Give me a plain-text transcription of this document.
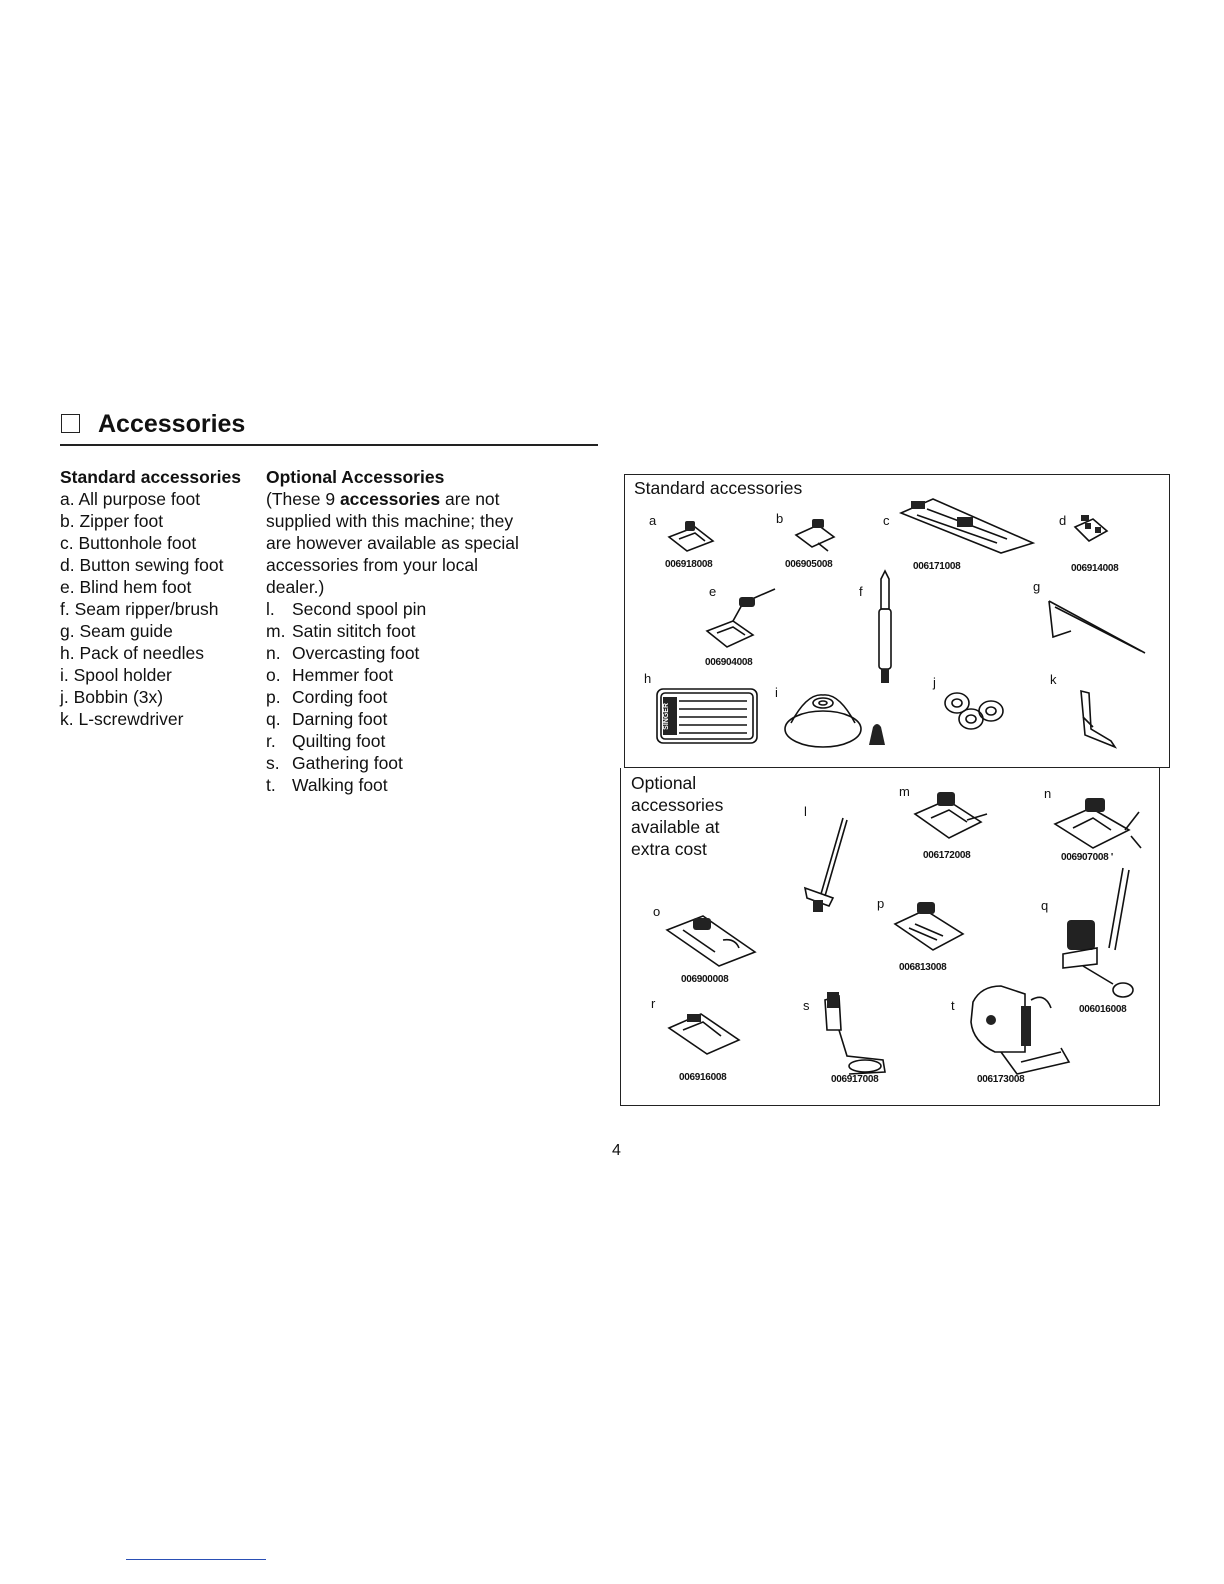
Accessories
Standard accessories
a. All purpose foot
b. Zipper foot
c. Buttonhole foot
d. Button sewing foot
e. Blind hem foot
f. Seam ripper/brush
g. Seam guide
h. Pack of needles
i. Spool holder
j. Bobbin (3x)
k. L-screwdriver
Optional Accessories
(These 9 accessories are not
supplied with this machine; they
are however available as special
accessories from your local
dealer.)
l. Second spool pin
m. Satin sititch foot
n. Overcasting foot
o. Hemmer foot
p. Cording foot
q. Darning foot
r. Quilting foot
s. Gathering foot
t. Walking foot
Standard accessories
a	b	c	d
e	f	g
h
i
j	k
006918008	006905008	006171008	006914008
006904008
SINGER
Optional
accessories
available at
extra cost
l
m	n
o
p	q
r	s	t
006172008	006907008 '
006900008
006813008
006016008
006916008	006917008	006173008
4
